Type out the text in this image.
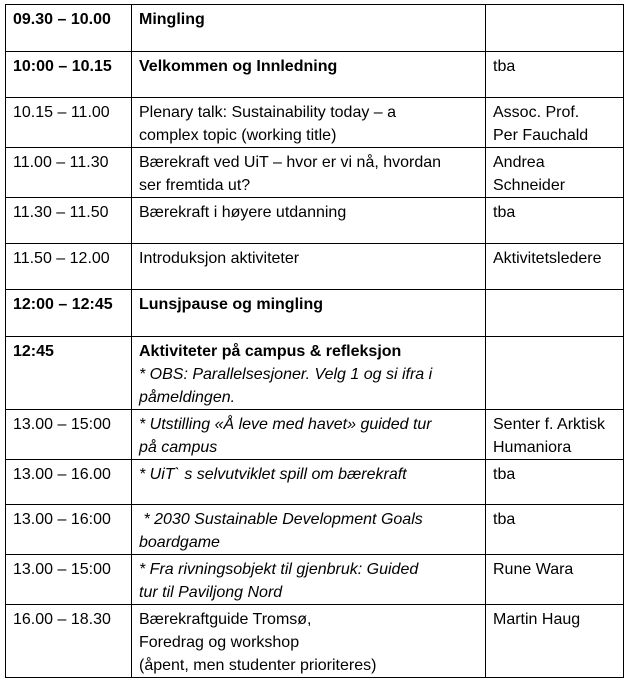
09.30 – 10.00	Mingling	

10:00 – 10.15	Velkommen og Innledning	tba

10.15 – 11.00	Plenary talk: Sustainability today – a
complex topic (working title)	Assoc. Prof.
Per Fauchald

11.00 – 11.30	Bærekraft ved UiT – hvor er vi nå, hvordan
ser fremtida ut?	Andrea
Schneider

11.30 – 11.50	Bærekraft i høyere utdanning	tba

11.50 – 12.00	Introduksjon aktiviteter	Aktivitetsledere

12:00 – 12:45	Lunsjpause og mingling	

12:45	Aktiviteter på campus & refleksjon
* OBS: Parallelsesjoner. Velg 1 og si ifra i
påmeldingen.	

13.00 – 15:00	* Utstilling «Å leve med havet» guided tur
på campus	Senter f. Arktisk
Humaniora

13.00 – 16.00	* UiT` s selvutviklet spill om bærekraft	tba

13.00 – 16:00	* 2030 Sustainable Development Goals
boardgame	tba

13.00 – 15:00	* Fra rivningsobjekt til gjenbruk: Guided
tur til Paviljong Nord	Rune Wara

16.00 – 18.30	Bærekraftguide Tromsø,
Foredrag og workshop
(åpent, men studenter prioriteres)	Martin Haug
